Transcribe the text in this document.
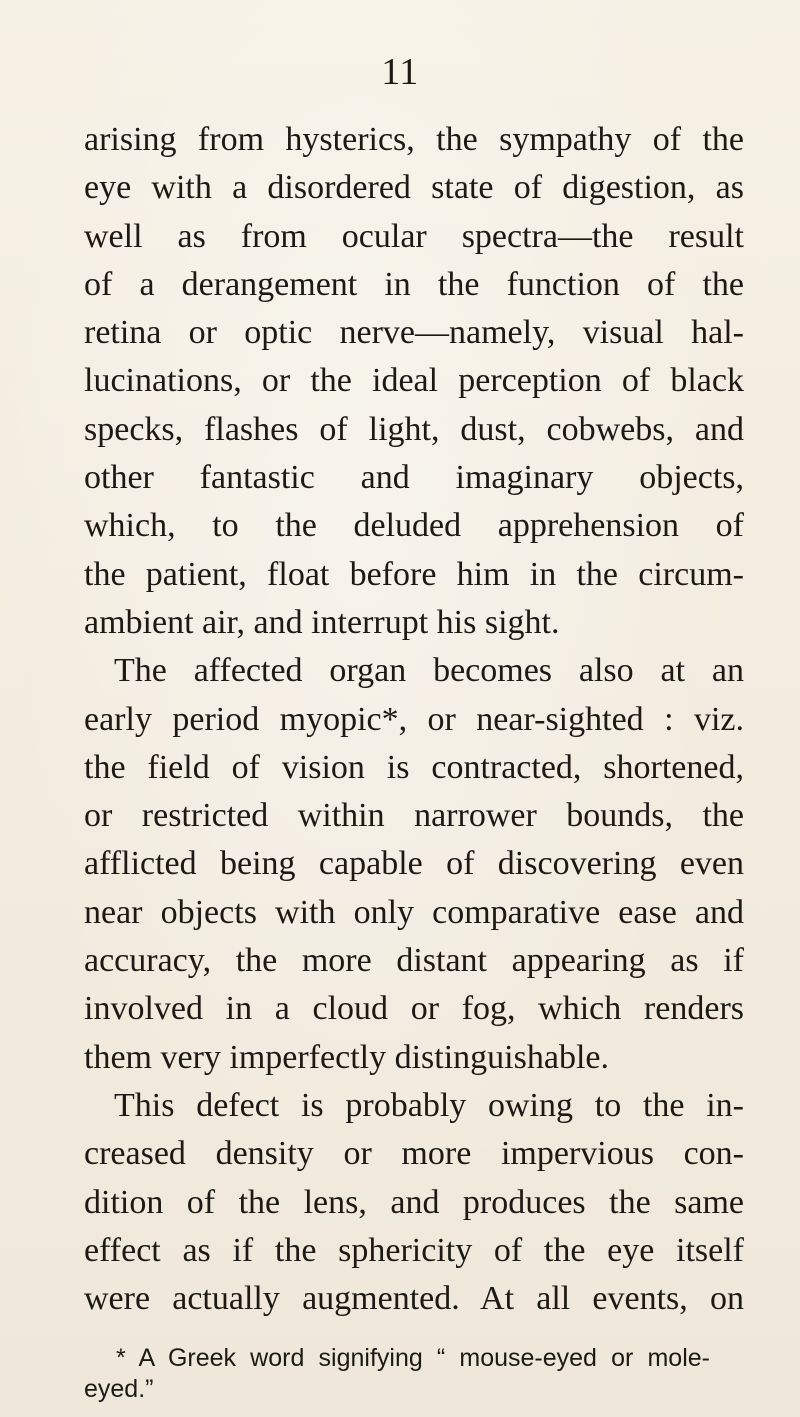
11
arising from hysterics, the sympathy of the
eye with a disordered state of digestion, as
well as from ocular spectra—the result
of a derangement in the function of the
retina or optic nerve—namely, visual hal-
lucinations, or the ideal perception of black
specks, flashes of light, dust, cobwebs, and
other fantastic and imaginary objects,
which, to the deluded apprehension of
the patient, float before him in the circum-
ambient air, and interrupt his sight.
The affected organ becomes also at an
early period myopic*, or near-sighted : viz.
the field of vision is contracted, shortened,
or restricted within narrower bounds, the
afflicted being capable of discovering even
near objects with only comparative ease and
accuracy, the more distant appearing as if
involved in a cloud or fog, which renders
them very imperfectly distinguishable.
This defect is probably owing to the in-
creased density or more impervious con-
dition of the lens, and produces the same
effect as if the sphericity of the eye itself
were actually augmented. At all events, on
* A Greek word signifying “ mouse-eyed or mole-
eyed.”
